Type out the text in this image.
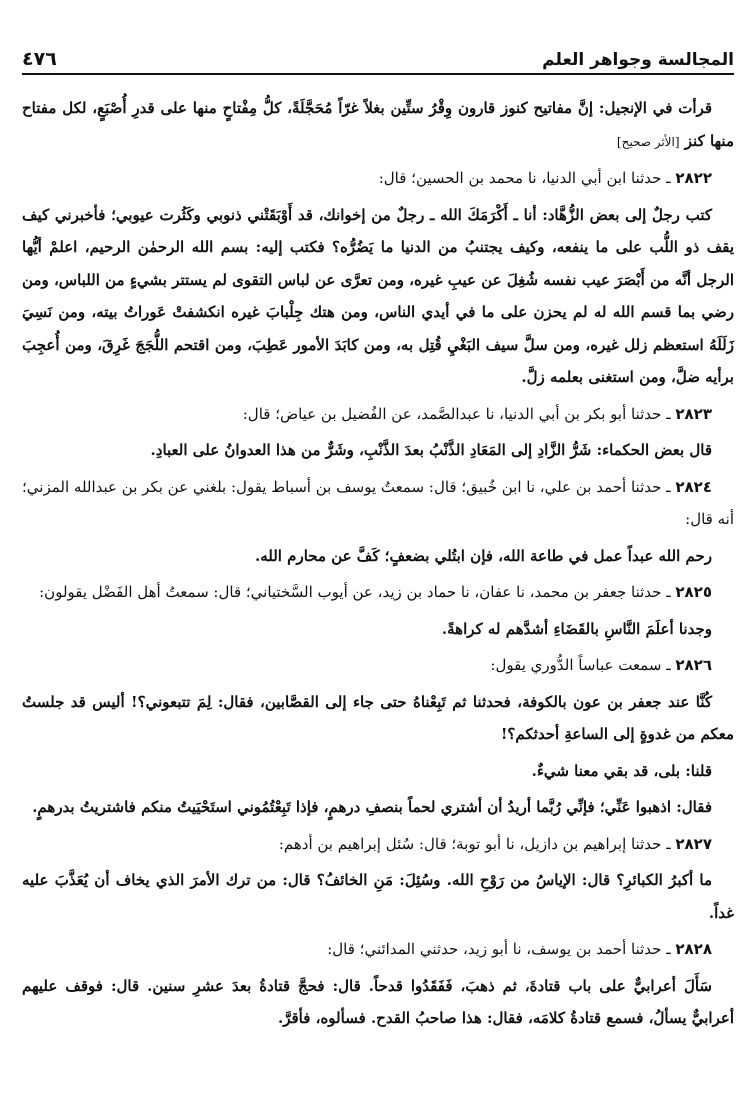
المجالسة وجواهر العلم
٤٧٦

قرأت في الإنجيل: إنَّ مفاتيح كنوز قارون وِقْرُ ستِّين بغلاً غرّاً مُحَجَّلَةً، كلُّ مِفْتاحٍ منها على قدرِ أُصْبَعٍ، لكل مفتاح منها كنز [الأثر صحيح]

٢٨٢٢ ـ حدثنا ابن أبي الدنيا، نا محمد بن الحسين؛ قال:

كتب رجلٌ إلى بعض الزُّهَّاد: أنا ـ أَكْرَمَكَ الله ـ رجلٌ من إخوانك، قد أَوْبَقَتْني ذنوبي وكَثُرت عيوبي؛ فأخبرني كيف يقف ذو اللُّب على ما ينفعه، وكيف يجتنبُ من الدنيا ما يَضُرُّه؟ فكتب إليه: بسم الله الرحمٰن الرحيم، اعلمْ أيُّها الرجل أنَّه من أَبْصَرَ عيب نفسه شُغِلَ عن عيبِ غيره، ومن تعرَّى عن لباس التقوى لم يستتر بشيءٍ من اللباس، ومن رضي بما قسم الله له لم يحزن على ما في أيدي الناس، ومن هتك جِلْبابَ غيره انكشفتْ عَوراتُ بيته، ومن نَسِيَ زَلَلَهُ استعظم زلل غيره، ومن سلَّ سيف البَغْيِ قُتِل به، ومن كابَدَ الأمور عَطِبَ، ومن اقتحم اللُّجَجَ غَرِقَ، ومن أُعجِبَ برأيه ضلَّ، ومن استغنى بعلمه زلَّ.

٢٨٢٣ ـ حدثنا أبو بكر بن أبي الدنيا، نا عبدالصَّمد، عن الفُضيل بن عياض؛ قال:

قال بعض الحكماء: شَرُّ الزَّادِ إلى المَعَادِ الذَّنْبُ بعدَ الذَّنْبِ، وشَرٌّ من هذا العدوانُ على العبادِ.

٢٨٢٤ ـ حدثنا أحمد بن علي، نا ابن خُبيق؛ قال: سمعتُ يوسف بن أسباط يقول: بلغني عن بكر بن عبدالله المزني؛ أنه قال:

رحم الله عبداً عمل في طاعة الله، فإن ابتُلي بضعفٍ؛ كَفَّ عن محارم الله.

٢٨٢٥ ـ حدثنا جعفر بن محمد، نا عفان، نا حماد بن زيد، عن أيوب السَّختياني؛ قال: سمعتُ أهل الفَضْل يقولون:

وجدنا أعلَمَ النَّاسِ بالقَضَاءِ أشدَّهم له كراهةً.

٢٨٢٦ ـ سمعت عباساً الدُّوري يقول:

كُنَّا عند جعفر بن عون بالكوفة، فحدثنا ثم تَبِعْناهُ حتى جاء إلى القصَّابين، فقال: لِمَ تتبعوني؟! أليس قد جلستُ معكم من غدوةٍ إلى الساعةِ أحدثكم؟!

قلنا: بلى، قد بقي معنا شيءٌ.

فقال: اذهبوا عَنِّي؛ فإنِّي رُبَّما أريدُ أن أشتري لحماً بنصفِ درهمٍ، فإذا تَبِعْتُمُوني استَحْيَيتُ منكم فاشتريتُ بدرهمٍ.

٢٨٢٧ ـ حدثنا إبراهيم بن دازيل، نا أبو توبة؛ قال: سُئل إبراهيم بن أدهم:

ما أكبرُ الكبائرِ؟ قال: الإياسُ من رَوْحِ الله. وسُئِلَ: مَنِ الخائفُ؟ قال: من ترك الأمرَ الذي يخاف أن يُعَذَّبَ عليه غداً.

٢٨٢٨ ـ حدثنا أحمد بن يوسف، نا أبو زيد، حدثني المدائني؛ قال:

سَأَلَ أعرابيٌّ على باب قتادةَ، ثم ذهبَ، فَفَقَدُوا قدحاً. قال: فحجَّ قتادةُ بعدَ عشرِ سنين. قال: فوقف عليهم أعرابيٌّ يسألُ، فسمع قتادةُ كلامَه، فقال: هذا صاحبُ القدح. فسألوه، فأقرَّ.
